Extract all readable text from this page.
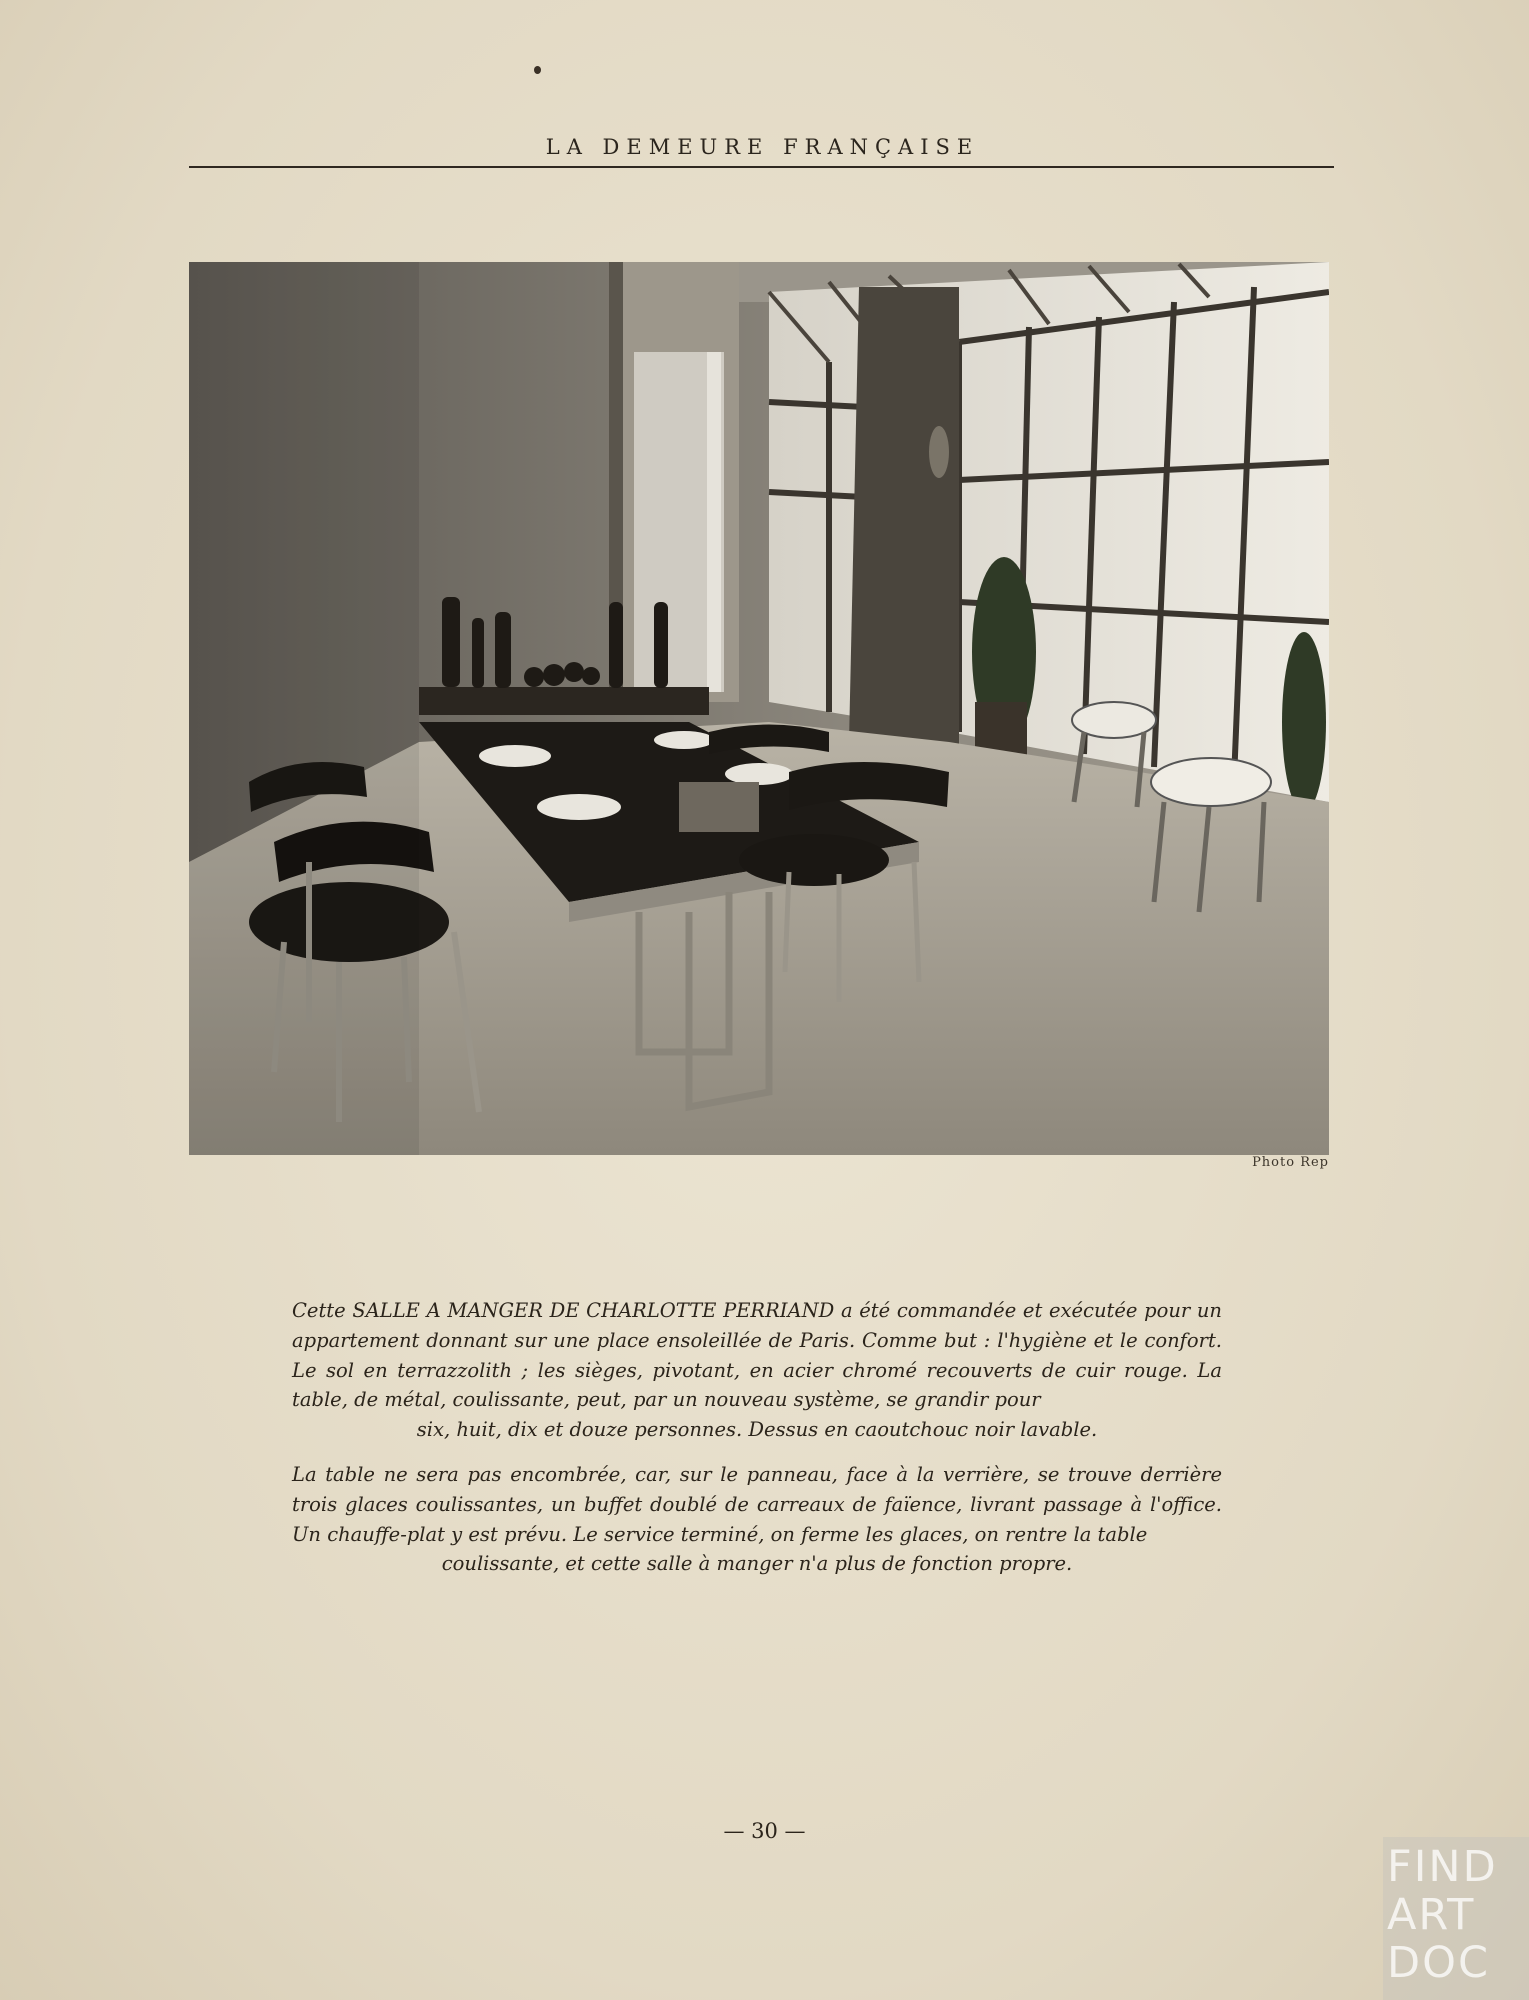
LA DEMEURE FRANÇAISE
Photo Rep
Cette SALLE A MANGER DE CHARLOTTE PERRIAND a été commandée et exécutée pour un appartement donnant sur une place ensoleillée de Paris. Comme but : l'hygiène et le confort. Le sol en terrazzolith ; les sièges, pivotant, en acier chromé recouverts de cuir rouge. La table, de métal, coulissante, peut, par un nouveau système, se grandir pour
six, huit, dix et douze personnes. Dessus en caoutchouc noir lavable.
La table ne sera pas encombrée, car, sur le panneau, face à la verrière, se trouve derrière trois glaces coulissantes, un buffet doublé de carreaux de faïence, livrant passage à l'office. Un chauffe-plat y est prévu. Le service terminé, on ferme les glaces, on rentre la table
coulissante, et cette salle à manger n'a plus de fonction propre.
— 30 —
FIND
ART
DOC
